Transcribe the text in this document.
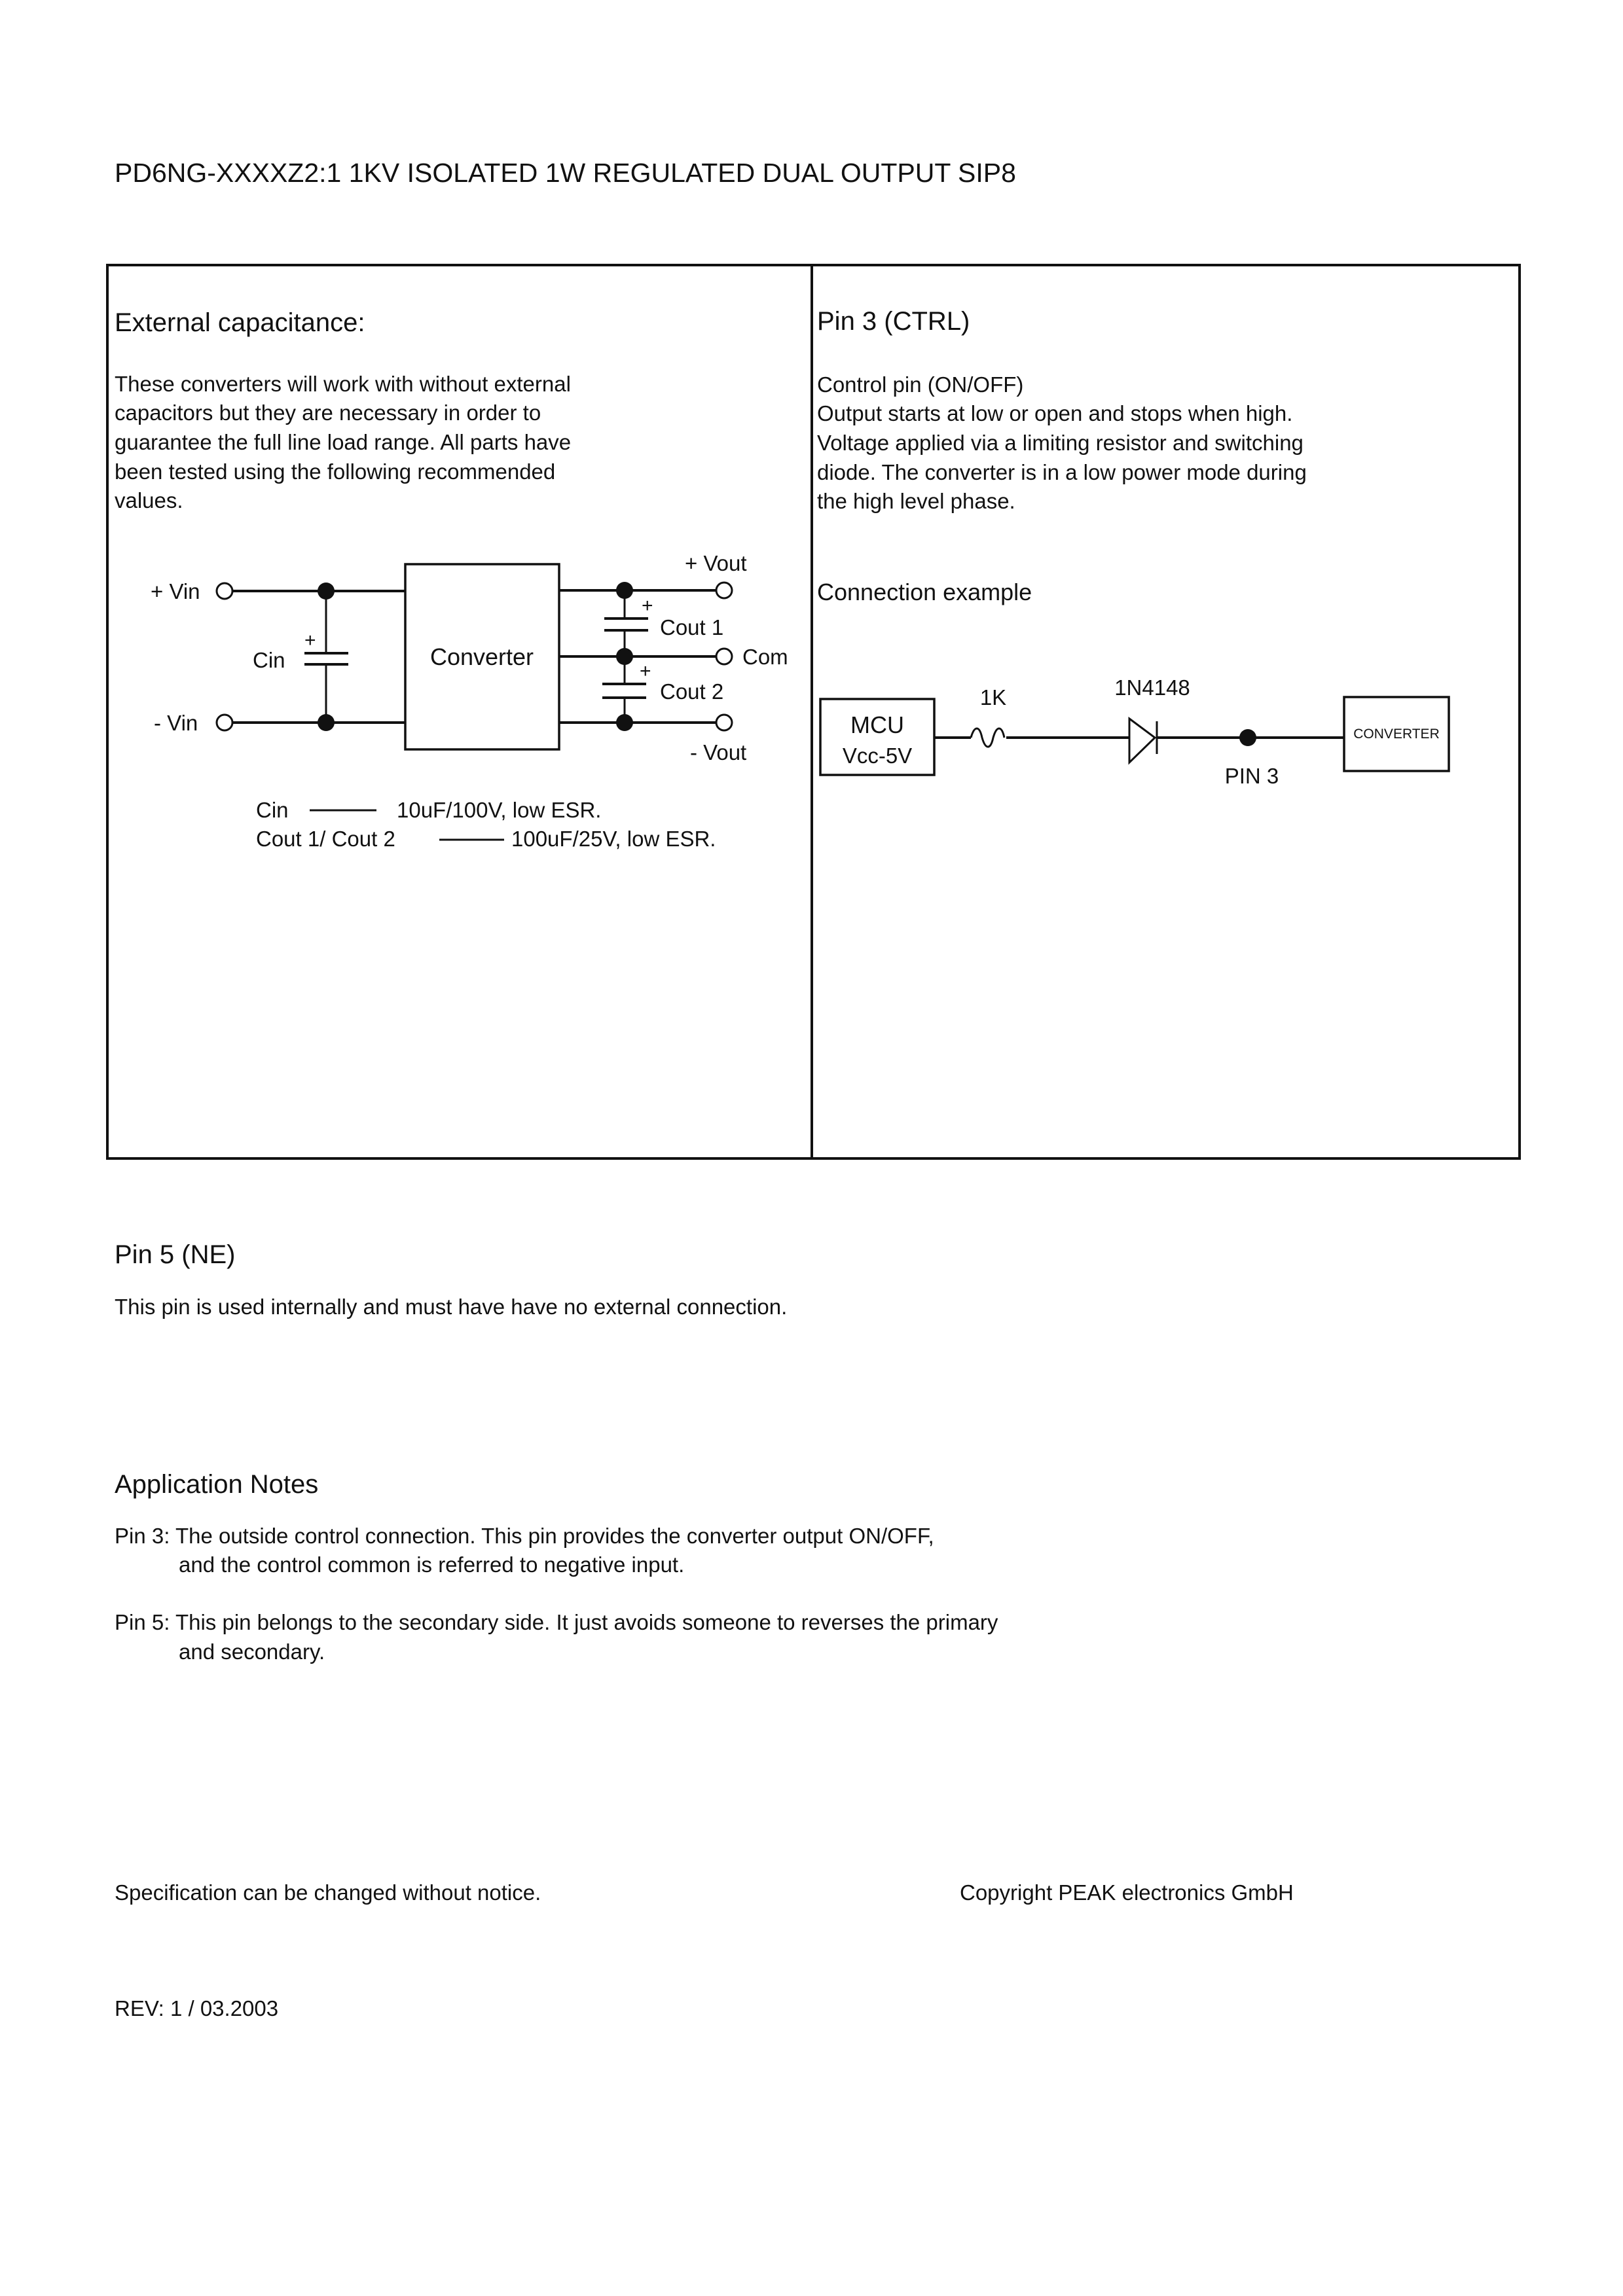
PD6NG-XXXXZ2:1 1KV ISOLATED 1W REGULATED DUAL OUTPUT SIP8
External capacitance:
These converters will work with without external
capacitors but they are necessary in order to
guarantee the full line load range. All parts have
been tested using the following recommended
values.
+ Vin
- Vin
+
Cin	Converter
+
+
+ Vout
Cout 1
Com
Cout 2
- Vout
Cin	10uF/100V, low ESR.
Cout 1/ Cout 2	100uF/25V, low ESR.
Pin 3 (CTRL)
Control pin (ON/OFF)
Output starts at low or open and stops when high.
Voltage applied via a limiting resistor and switching
diode. The converter is in a low power mode during
the high level phase.
Connection example
MCU
Vcc-5V
1K	1N4148
PIN 3
CONVERTER
Pin 5 (NE)
This pin is used internally and must have have no external connection.
Application Notes
Pin 3: The outside control connection. This pin provides the converter output ON/OFF,
and the control common is referred to negative input.
Pin 5: This pin belongs to the secondary side. It just avoids someone to reverses the primary
and secondary.
Specification can be changed without notice.	Copyright PEAK electronics GmbH
REV: 1 / 03.2003
